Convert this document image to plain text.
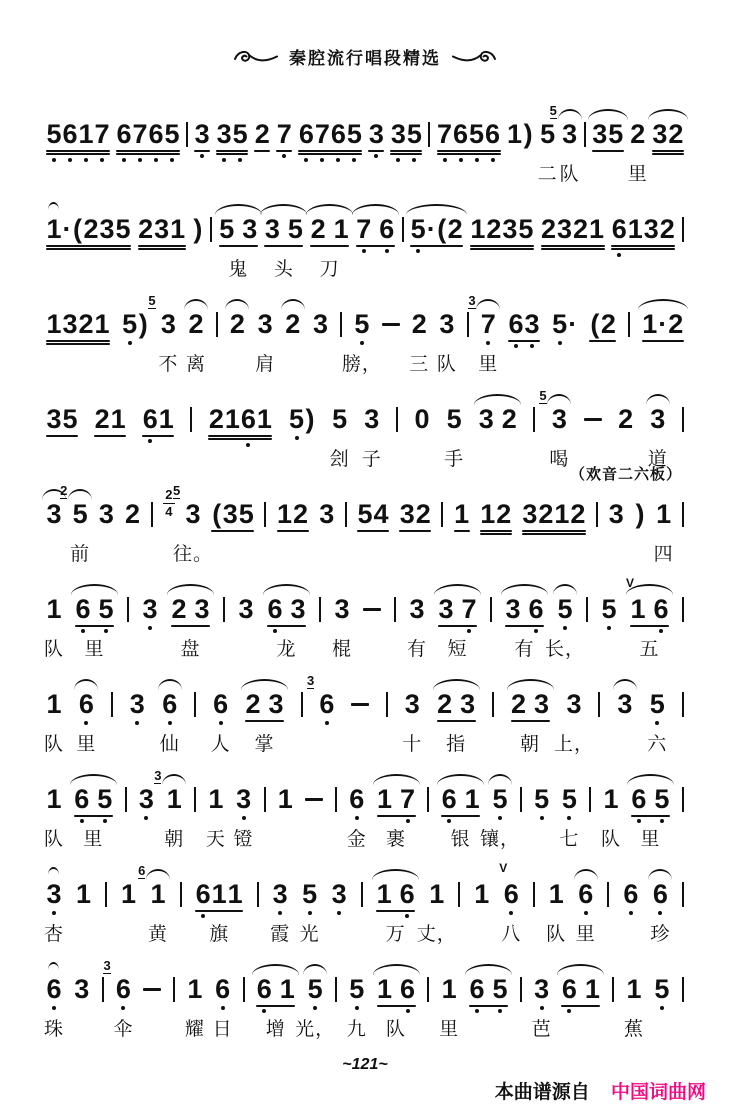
秦腔流行唱段精选
5 6 1 7 6 7 6 5 3 3 5 2 7 6 7 6 5 3 3 5 7 6 5 6 1 ) 5
二
3
5
队
3 5 2
里
3 2
1 · ( 2 3 5 2 3 1 ) 5 3
鬼
3 5
头
2 1
刀
7 6 5 · ( 2 1 2 3 5 2 3 2 1 6 1 3 2
1 3 2 1 5 ) 3
5
不
2
离
2 3
肩
2 3 5
膀，
2
三
3
队
7
3
里
6 3 5 · ( 2 1 · 2
3 5 2 1 6 1 2 1 6 1 5 ) 5
刽
3
子
0 5
手
3 2 3
5
喝
2 3
道
（欢音二六板）
3 5
2
前
3 2
2
4 3
5
往。
( 3 5 1 2 3 5 4 3 2 1 1 2 3 2 1 2 3 ) 1
四
1
队
6 5
里
3 2 3
盘
3 6 3
龙
3
棍
3
有
3 7
短
3 6
有
5
长，
5 1 6
V
五
1
队
6
里
3 6
仙
6
人
2 3
掌
6
3
3
十
2 3
指
2 3
朝
3
上，
3 5
六
1
队
6 5
里
3 1
3
朝
1
天
3
镫
1 6
金
1 7
裹
6 1
银
5
镶，
5 5
七
1
队
6 5
里
3
杏
1 1 1
6
黄
6 1 1
旗
3
霞
5
光
3 1 6
万
1
丈，
1 6
V
八
1
队
6
里
6 6
珍
6
珠
3 6
3
伞
1
耀
6
日
6 1
增
5
光，
5
九
1 6
队
1
里
6 5 3
芭
6 1 1
蕉
5
~121~
本曲谱源自 中国词曲网
